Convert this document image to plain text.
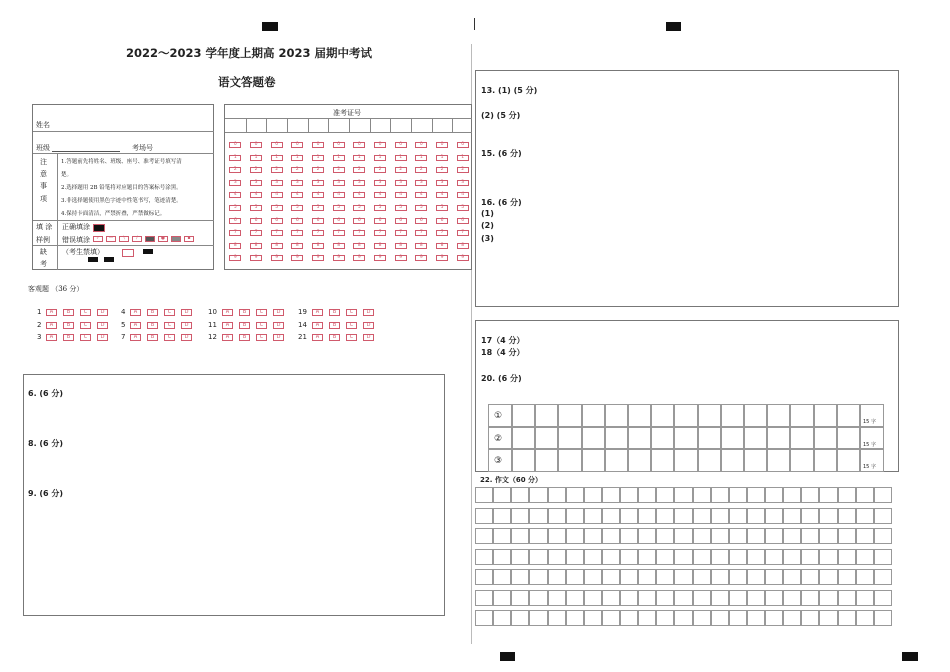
2022～2023 学年度上期高 2023 届期中考试
语文答题卷
姓名
班级	考场号
注
意
事
项
1.答题前先将姓名、班级、座号、准考证号填写清
楚。
2.选择题用 2B 铅笔将对应题目的答案标号涂黑。
3.非选择题使用黑色字迹中性笔书写，笔迹清楚。
4.保持卡面清洁，严禁折叠，严禁做标记。
填 涂
样例
正确填涂
错误填涂	✓	—	\	/	●	▪
缺
考
（考生禁填）
准考证号
0	0	0	0	0	0	0	0	0	0	0	0
1	1	1	1	1	1	1	1	1	1	1	1
2	2	2	2	2	2	2	2	2	2	2	2
3	3	3	3	3	3	3	3	3	3	3	3
4	4	4	4	4	4	4	4	4	4	4	4
5	5	5	5	5	5	5	5	5	5	5	5
6	6	6	6	6	6	6	6	6	6	6	6
7	7	7	7	7	7	7	7	7	7	7	7
8	8	8	8	8	8	8	8	8	8	8	8
9	9	9	9	9	9	9	9	9	9	9	9
客观题 （36 分）
1	A	B	C	D
2	A	B	C	D
3	A	B	C	D
4	A	B	C	D
5	A	B	C	D
7	A	B	C	D
10	A	B	C	D
11	A	B	C	D
12	A	B	C	D
19	A	B	C	D
14	A	B	C	D
21	A	B	C	D
6. (6 分)
8. (6 分)
9. (6 分)
13. (1) (5 分)
(2) (5 分)
15. (6 分)
16. (6 分)
(1)
(2)
(3)
17（4 分）
18（4 分）
20. (6 分)
①
15 字
②
15 字
③
15 字
22. 作文（60 分）
